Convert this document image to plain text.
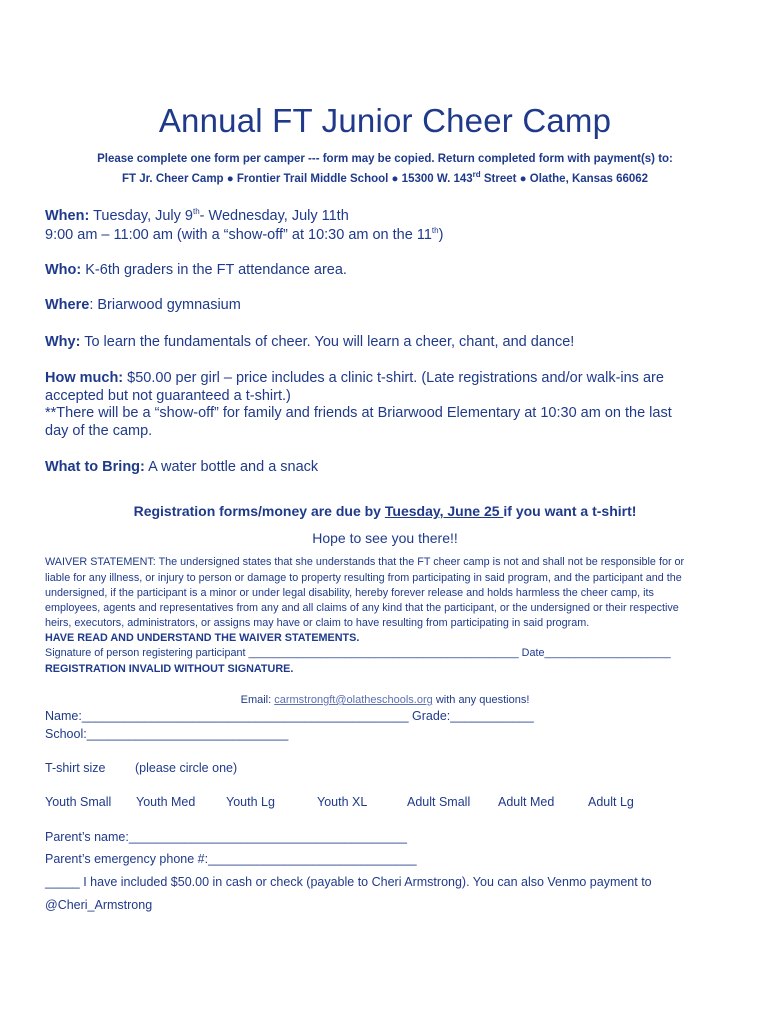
Annual FT Junior Cheer Camp
Please complete one form per camper --- form may be copied. Return completed form with payment(s) to:
FT Jr. Cheer Camp ● Frontier Trail Middle School ● 15300 W. 143rd Street ● Olathe, Kansas 66062
When: Tuesday, July 9th- Wednesday, July 11th
9:00 am – 11:00 am (with a “show-off” at 10:30 am on the 11th)
Who: K-6th graders in the FT attendance area.
Where: Briarwood gymnasium
Why: To learn the fundamentals of cheer. You will learn a cheer, chant, and dance!
How much: $50.00 per girl – price includes a clinic t-shirt. (Late registrations and/or walk-ins are
accepted but not guaranteed a t-shirt.)
**There will be a “show-off” for family and friends at Briarwood Elementary at 10:30 am on the last
day of the camp.
What to Bring: A water bottle and a snack
Registration forms/money are due by Tuesday, June 25 if you want a t-shirt!
Hope to see you there!!
WAIVER STATEMENT: The undersigned states that she understands that the FT cheer camp is not and shall not be responsible for or
liable for any illness, or injury to person or damage to property resulting from participating in said program, and the participant and the
undersigned, if the participant is a minor or under legal disability, hereby forever release and holds harmless the cheer camp, its
employees, agents and representatives from any and all claims of any kind that the participant, or the undersigned or their respective
heirs, executors, administrators, or assigns may have or claim to have resulting from participating in said program.
HAVE READ AND UNDERSTAND THE WAIVER STATEMENTS.
Signature of person registering participant _____________________________________________ Date_____________________
REGISTRATION INVALID WITHOUT SIGNATURE.
Email: carmstrongft@olatheschools.org with any questions!
Name:_______________________________________________ Grade:____________
School:_____________________________
T-shirt size (please circle one)
Youth Small Youth Med Youth Lg	Youth XL	Adult Small Adult Med	Adult Lg
Parent’s name:________________________________________
Parent’s emergency phone #:______________________________
_____ I have included $50.00 in cash or check (payable to Cheri Armstrong). You can also Venmo payment to
@Cheri_Armstrong
